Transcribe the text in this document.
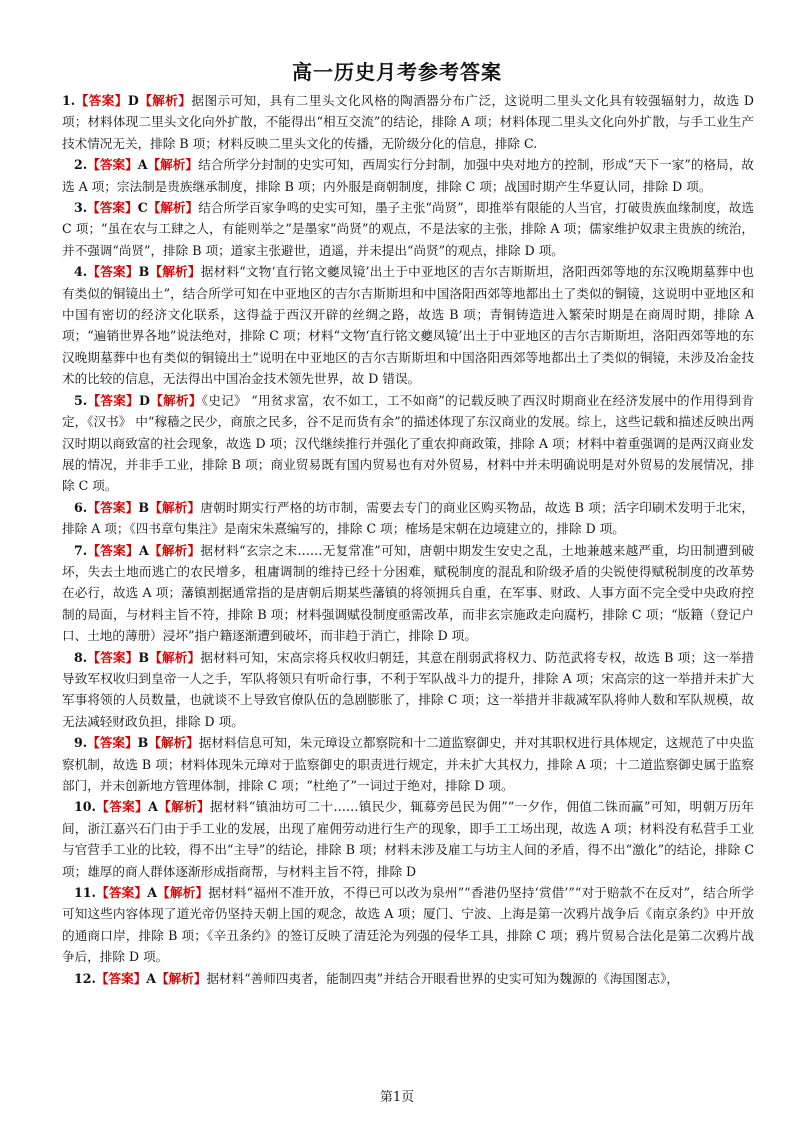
高一历史月考参考答案

1.【答案】D【解析】据图示可知，具有二里头文化风格的陶酒器分布广泛，这说明二里头文化具有较强辐射力，故选 D 项；材料体现二里头文化向外扩散，不能得出“相互交流”的结论，排除 A 项；材料体现二里头文化向外扩散，与手工业生产技术情况无关，排除 B 项；材料反映二里头文化的传播，无阶级分化的信息，排除 C.

2.【答案】A【解析】结合所学分封制的史实可知，西周实行分封制，加强中央对地方的控制，形成“天下一家”的格局，故选 A 项；宗法制是贵族继承制度，排除 B 项；内外服是商朝制度，排除 C 项；战国时期产生华夏认同，排除 D 项。

3.【答案】C【解析】结合所学百家争鸣的史实可知，墨子主张“尚贤”，即推举有限能的人当官，打破贵族血缘制度，故选 C 项；“虽在农与工肆之人，有能则举之”是墨家“尚贤”的观点，不是法家的主张，排除 A 项；儒家维护奴隶主贵族的统治，并不强调“尚贤”，排除 B 项；道家主张避世，逍遥，并未提出“尚贤”的观点，排除 D 项。

4.【答案】B【解析】据材料“文物‘直行铭文夔凤镜’出土于中亚地区的吉尔吉斯斯坦，洛阳西郊等地的东汉晚期墓葬中也有类似的铜镜出土”，结合所学可知在中亚地区的吉尔吉斯斯坦和中国洛阳西郊等地都出土了类似的铜镜，这说明中亚地区和中国有密切的经济文化联系，这得益于西汉开辟的丝绸之路，故选 B 项；青铜铸造进入繁荣时期是在商周时期，排除 A 项；“遍销世界各地”说法绝对，排除 C 项；材料“文物‘直行铭文夔凤镜’出土于中亚地区的吉尔吉斯斯坦，洛阳西郊等地的东汉晚期墓葬中也有类似的铜镜出土”说明在中亚地区的吉尔吉斯斯坦和中国洛阳西郊等地都出土了类似的铜镜，未涉及冶金技术的比较的信息，无法得出中国冶金技术领先世界，故 D 错误。

5.【答案】D【解析】《史记》 “用贫求富，农不如工，工不如商”的记载反映了西汉时期商业在经济发展中的作用得到肯定，《汉书》 中“稼穑之民少，商旅之民多，谷不足而货有余”的描述体现了东汉商业的发展。综上，这些记载和描述反映出两汉时期以商致富的社会现象，故选 D 项；汉代继续推行并强化了重农抑商政策，排除 A 项；材料中着重强调的是两汉商业发展的情况，并非手工业，排除 B 项；商业贸易既有国内贸易也有对外贸易，材料中并未明确说明是对外贸易的发展情况，排除 C 项。

6.【答案】B【解析】唐朝时期实行严格的坊市制，需要去专门的商业区购买物品，故选 B 项；活字印刷术发明于北宋，排除 A 项；《四书章句集注》是南宋朱熹编写的，排除 C 项；榷场是宋朝在边境建立的，排除 D 项。

7.【答案】A【解析】据材料“玄宗之末……无复常准”可知，唐朝中期发生安史之乱，土地兼越来越严重，均田制遭到破坏，失去土地而逃亡的农民增多，租庸调制的维持已经十分困难，赋税制度的混乱和阶级矛盾的尖锐使得赋税制度的改革势在必行，故选 A 项；藩镇割据通常指的是唐朝后期某些藩镇的将领拥兵自重，在军事、财政、人事方面不完全受中央政府控制的局面，与材料主旨不符，排除 B 项；材料强调赋役制度亟需改革，而非玄宗施政走向腐朽，排除 C 项；“版籍（登记户口、土地的薄册）浸坏”指户籍逐渐遭到破坏，而非趋于消亡，排除 D 项。

8.【答案】B【解析】据材料可知，宋高宗将兵权收归朝廷，其意在削弱武将权力、防范武将专权，故选 B 项；这一举措导致军权收归到皇帝一人之手，军队将领只有听命行事，不利于军队战斗力的提升，排除 A 项；宋高宗的这一举措并未扩大军事将领的人员数量，也就谈不上导致官僚队伍的急剧膨胀了，排除 C 项；这一举措并非裁减军队将帅人数和军队规模，故无法减轻财政负担，排除 D 项。

9.【答案】B【解析】据材料信息可知，朱元璋设立都察院和十二道监察御史，并对其职权进行具体规定，这规范了中央监察机制，故选 B 项；材料体现朱元璋对于监察御史的职责进行规定，并未扩大其权力，排除 A 项；十二道监察御史属于监察部门，并未创新地方管理体制，排除 C 项；“杜绝了”一词过于绝对，排除 D 项。

10.【答案】A【解析】据材料“镇油坊可二十……镇民少，辄募旁邑民为佣”“一夕作，佣值二铢而赢”可知，明朝万历年间，浙江嘉兴石门由于手工业的发展，出现了雇佣劳动进行生产的现象，即手工工场出现，故选 A 项；材料没有私营手工业与官营手工业的比较，得不出“主导”的结论，排除 B 项；材料未涉及雇工与坊主人间的矛盾，得不出“激化”的结论，排除 C 项；雄厚的商人群体逐渐形成指商帮，与材料主旨不符，排除 D

11.【答案】A【解析】据材料“福州不准开放，不得已可以改为泉州”“香港仍坚持‘赏借’”“对于赔款不在反对”，结合所学可知这些内容体现了道光帝仍坚持天朝上国的观念，故选 A 项；厦门、宁波、上海是第一次鸦片战争后《南京条约》中开放的通商口岸，排除 B 项；《辛丑条约》的签订反映了清廷沦为列强的侵华工具，排除 C 项；鸦片贸易合法化是第二次鸦片战争后，排除 D 项。

12.【答案】A【解析】据材料“善师四夷者，能制四夷”并结合开眼看世界的史实可知为魏源的《海国图志》，

第1页
